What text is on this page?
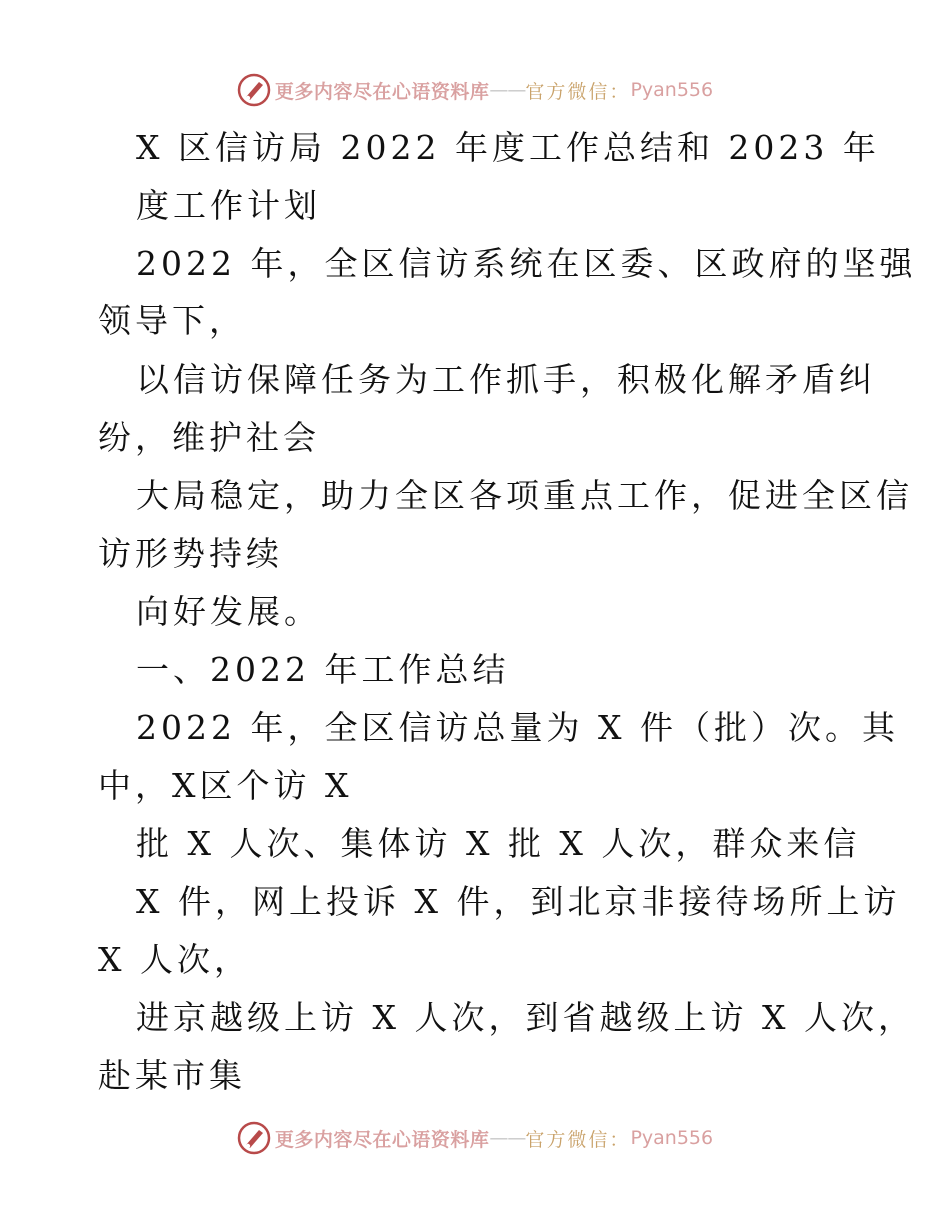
更多内容尽在心语资料库 —— 官方微信： Pyan556
X 区信访局 2022 年度工作总结和 2023 年
度工作计划
2022 年，全区信访系统在区委、区政府的坚强
领导下，
以信访保障任务为工作抓手，积极化解矛盾纠
纷，维护社会
大局稳定，助力全区各项重点工作，促进全区信
访形势持续
向好发展。
一、2022 年工作总结
2022 年，全区信访总量为 X 件（批）次。其
中，X区个访 X
批 X 人次、集体访 X 批 X 人次，群众来信
X 件，网上投诉 X 件，到北京非接待场所上访
X 人次，
进京越级上访 X 人次，到省越级上访 X 人次，
赴某市集
更多内容尽在心语资料库 —— 官方微信： Pyan556
